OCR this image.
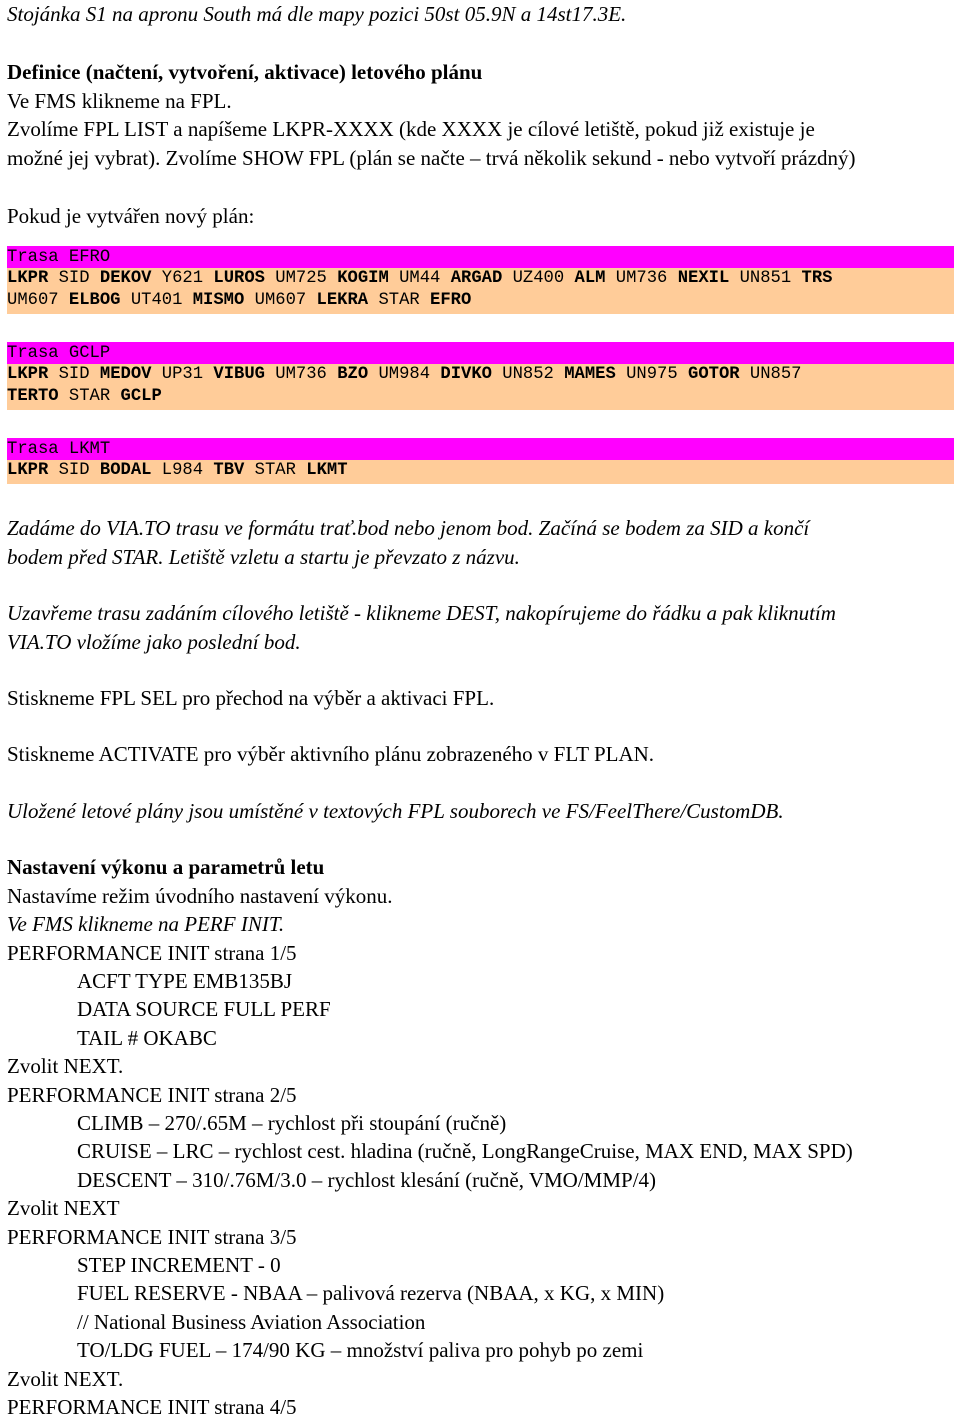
Stojánka S1 na apronu South má dle mapy pozici 50st 05.9N a 14st17.3E.
Definice (načtení, vytvoření, aktivace) letového plánu
Ve FMS klikneme na FPL.
Zvolíme FPL LIST a napíšeme LKPR-XXXX (kde XXXX je cílové letiště, pokud již existuje je
možné jej vybrat). Zvolíme SHOW FPL (plán se načte – trvá několik sekund - nebo vytvoří prázdný)
Pokud je vytvářen nový plán:
Trasa EFRO
LKPR SID DEKOV Y621 LUROS UM725 KOGIM UM44 ARGAD UZ400 ALM UM736 NEXIL UN851 TRS
UM607 ELBOG UT401 MISMO UM607 LEKRA STAR EFRO
Trasa GCLP
LKPR SID MEDOV UP31 VIBUG UM736 BZO UM984 DIVKO UN852 MAMES UN975 GOTOR UN857
TERTO STAR GCLP
Trasa LKMT
LKPR SID BODAL L984 TBV STAR LKMT
Zadáme do VIA.TO trasu ve formátu trať.bod nebo jenom bod. Začíná se bodem za SID a končí
bodem před STAR. Letiště vzletu a startu je převzato z názvu.
Uzavřeme trasu zadáním cílového letiště - klikneme DEST, nakopírujeme do řádku a pak kliknutím
VIA.TO vložíme jako poslední bod.
Stiskneme FPL SEL pro přechod na výběr a aktivaci FPL.
Stiskneme ACTIVATE pro výběr aktivního plánu zobrazeného v FLT PLAN.
Uložené letové plány jsou umístěné v textových FPL souborech ve FS/FeelThere/CustomDB.
Nastavení výkonu a parametrů letu
Nastavíme režim úvodního nastavení výkonu.
Ve FMS klikneme na PERF INIT.
PERFORMANCE INIT strana 1/5
ACFT TYPE EMB135BJ
DATA SOURCE FULL PERF
TAIL # OKABC
Zvolit NEXT.
PERFORMANCE INIT strana 2/5
CLIMB – 270/.65M – rychlost při stoupání (ručně)
CRUISE – LRC – rychlost cest. hladina (ručně, LongRangeCruise, MAX END, MAX SPD)
DESCENT – 310/.76M/3.0 – rychlost klesání (ručně, VMO/MMP/4)
Zvolit NEXT
PERFORMANCE INIT strana 3/5
STEP INCREMENT - 0
FUEL RESERVE - NBAA – palivová rezerva (NBAA, x KG, x MIN)
// National Business Aviation Association
TO/LDG FUEL – 174/90 KG – množství paliva pro pohyb po zemi
Zvolit NEXT.
PERFORMANCE INIT strana 4/5
